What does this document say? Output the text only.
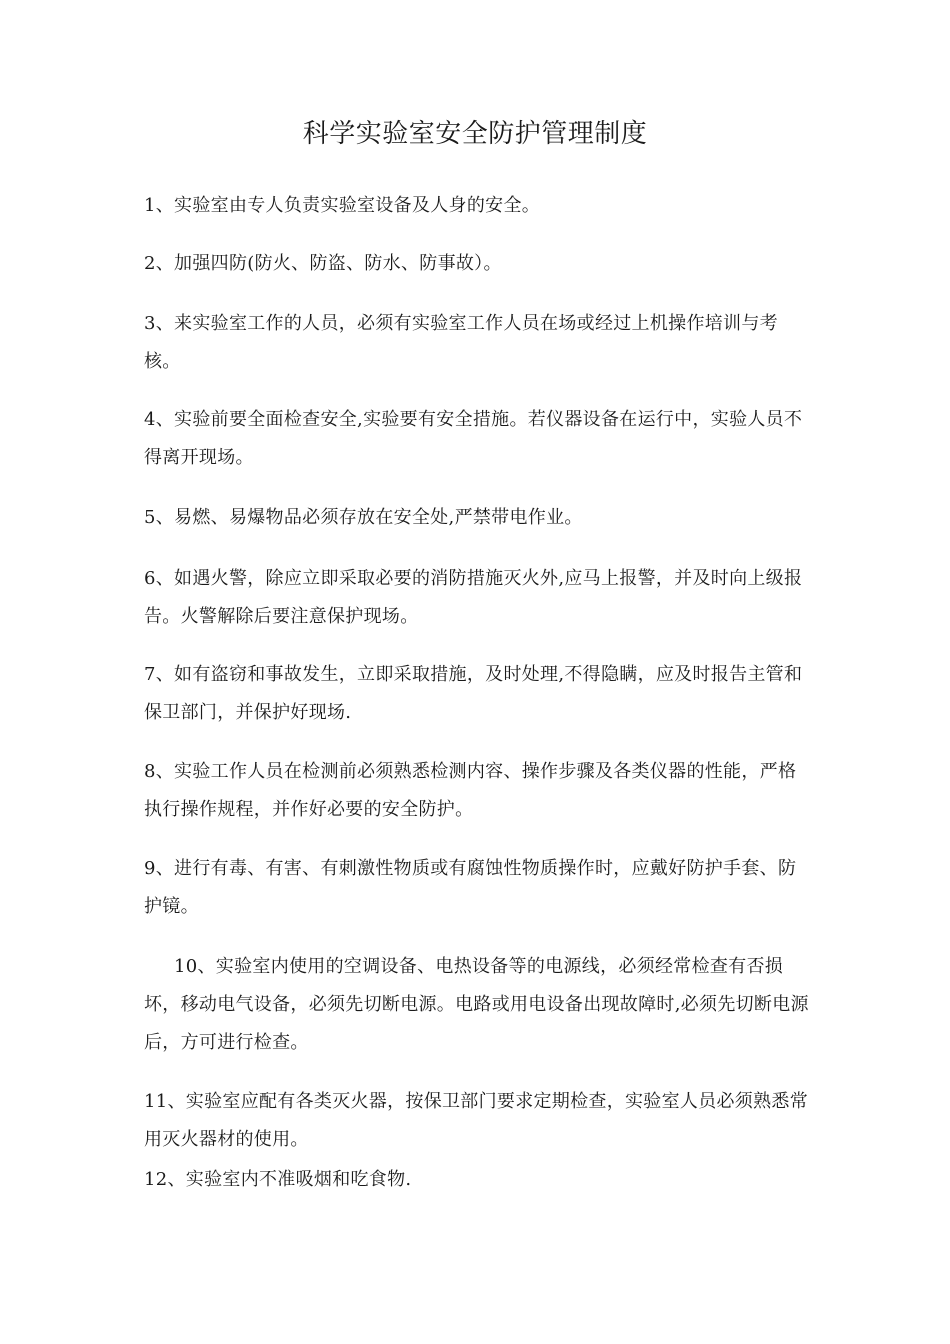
科学实验室安全防护管理制度

1、实验室由专人负责实验室设备及人身的安全。

2、加强四防(防火、防盗、防水、防事故）。

3、来实验室工作的人员，必须有实验室工作人员在场或经过上机操作培训与考核。

4、实验前要全面检查安全,实验要有安全措施。若仪器设备在运行中，实验人员不得离开现场。

5、易燃、易爆物品必须存放在安全处,严禁带电作业。

6、如遇火警，除应立即采取必要的消防措施灭火外,应马上报警，并及时向上级报告。火警解除后要注意保护现场。

7、如有盗窃和事故发生，立即采取措施，及时处理,不得隐瞒，应及时报告主管和保卫部门，并保护好现场.

8、实验工作人员在检测前必须熟悉检测内容、操作步骤及各类仪器的性能，严格执行操作规程，并作好必要的安全防护。

9、进行有毒、有害、有刺激性物质或有腐蚀性物质操作时，应戴好防护手套、防护镜。

10、实验室内使用的空调设备、电热设备等的电源线，必须经常检查有否损坏，移动电气设备，必须先切断电源。电路或用电设备出现故障时,必须先切断电源后，方可进行检查。

11、实验室应配有各类灭火器，按保卫部门要求定期检查，实验室人员必须熟悉常用灭火器材的使用。

12、实验室内不准吸烟和吃食物.
